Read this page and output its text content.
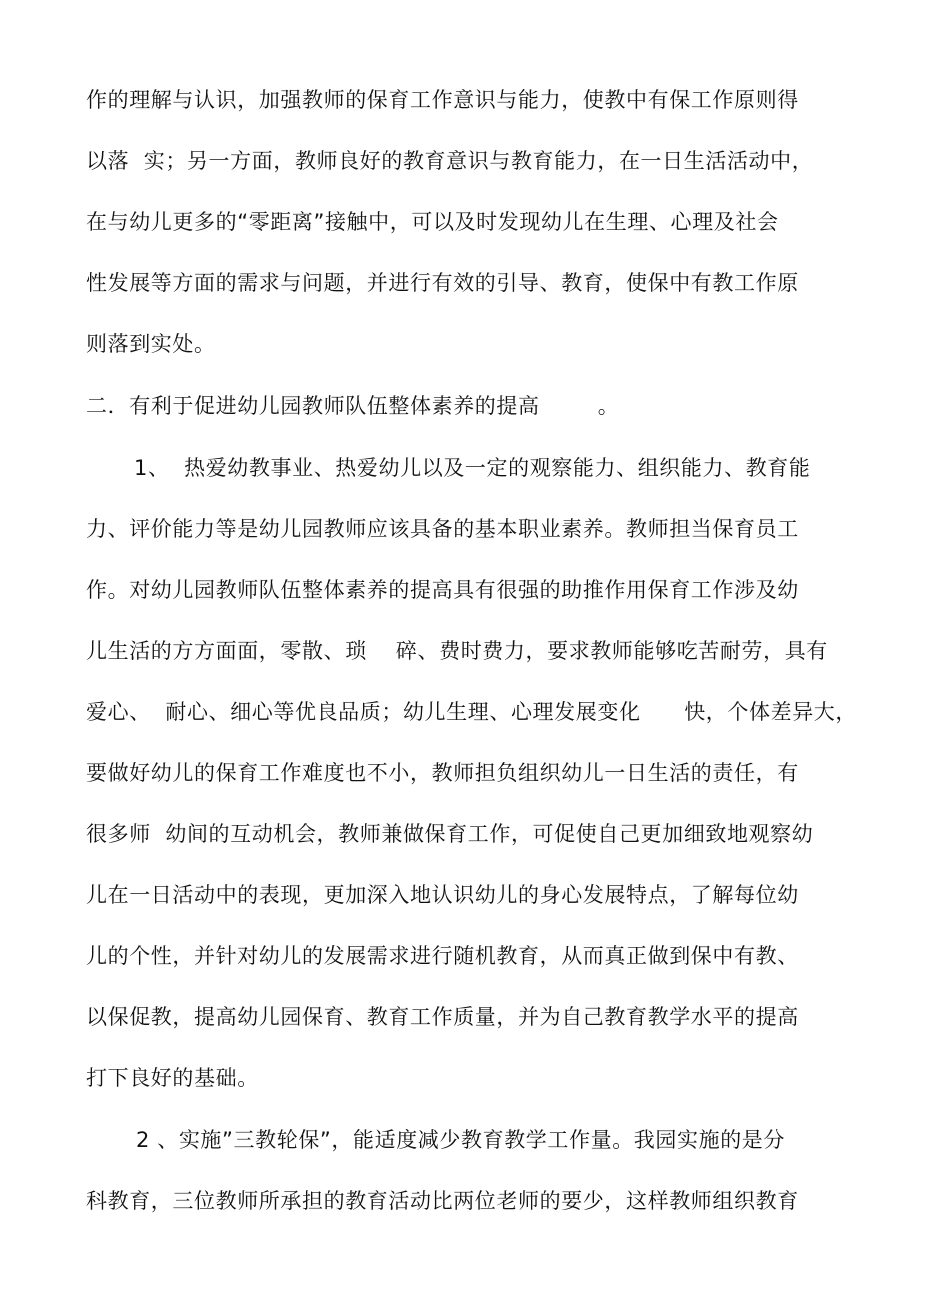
作的理解与认识，加强教师的保育工作意识与能力，使教中有保工作原则得

以落  实；另一方面，教师良好的教育意识与教育能力，在一日生活活动中，

在与幼儿更多的“零距离”接触中，可以及时发现幼儿在生理、心理及社会

性发展等方面的需求与问题，并进行有效的引导、教育，使保中有教工作原

则落到实处。

二．有利于促进幼儿园教师队伍整体素养的提高        。

1、  热爱幼教事业、热爱幼儿以及一定的观察能力、组织能力、教育能

力、评价能力等是幼儿园教师应该具备的基本职业素养。教师担当保育员工

作。对幼儿园教师队伍整体素养的提高具有很强的助推作用保育工作涉及幼

儿生活的方方面面，零散、琐    碎、费时费力，要求教师能够吃苦耐劳，具有

爱心、  耐心、细心等优良品质；幼儿生理、心理发展变化      快，个体差异大，

要做好幼儿的保育工作难度也不小，教师担负组织幼儿一日生活的责任，有

很多师  幼间的互动机会，教师兼做保育工作，可促使自己更加细致地观察幼

儿在一日活动中的表现，更加深入地认识幼儿的身心发展特点，了解每位幼

儿的个性，并针对幼儿的发展需求进行随机教育，从而真正做到保中有教、

以保促教，提高幼儿园保育、教育工作质量，并为自己教育教学水平的提高

打下良好的基础。

2 、实施”三教轮保”，能适度减少教育教学工作量。我园实施的是分

科教育，三位教师所承担的教育活动比两位老师的要少，这样教师组织教育
